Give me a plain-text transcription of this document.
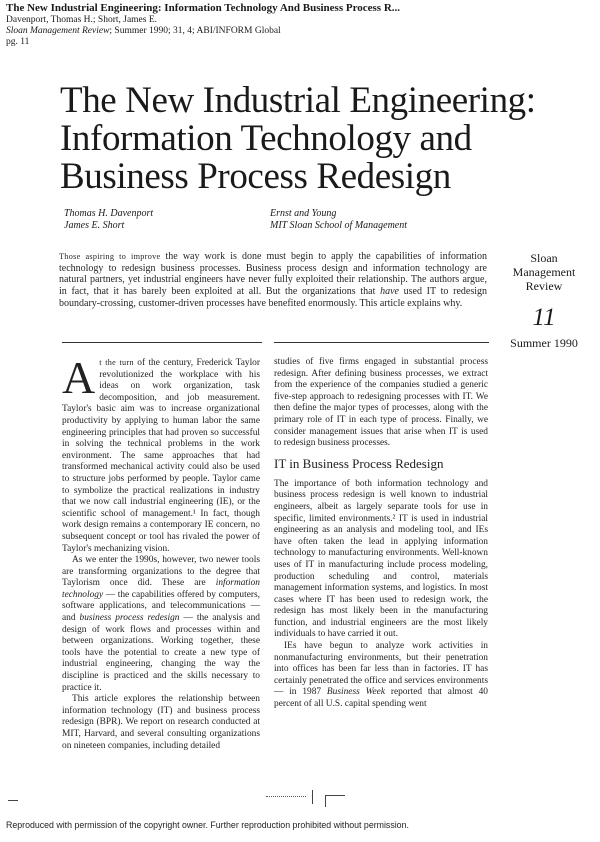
The New Industrial Engineering: Information Technology And Business Process R...
Davenport, Thomas H.; Short, James E.
Sloan Management Review; Summer 1990; 31, 4; ABI/INFORM Global
pg. 11
The New Industrial Engineering:
Information Technology and
Business Process Redesign
Thomas H. Davenport
James E. Short
Ernst and Young
MIT Sloan School of Management
Those aspiring to improve the way work is done must begin to apply the capabilities of information technology to redesign business processes. Business process design and information technology are natural partners, yet industrial engineers have never fully exploited their relationship. The authors argue, in fact, that it has barely been exploited at all. But the organizations that have used IT to redesign boundary-crossing, customer-driven processes have benefited enormously. This article explains why.
Sloan
Management
Review
11
Summer 1990

At the turn of the century, Frederick Taylor revolutionized the workplace with his ideas on work organization, task decomposition, and job measurement. Taylor's basic aim was to increase organizational productivity by applying to human labor the same engineering principles that had proven so successful in solving the technical problems in the work environment. The same approaches that had transformed mechanical activity could also be used to structure jobs performed by people. Taylor came to symbolize the practical realizations in industry that we now call industrial engineering (IE), or the scientific school of management.¹ In fact, though work design remains a contemporary IE concern, no subsequent concept or tool has rivaled the power of Taylor's mechanizing vision.

As we enter the 1990s, however, two newer tools are transforming organizations to the degree that Taylorism once did. These are information technology — the capabilities offered by computers, software applications, and telecommunications — and business process redesign — the analysis and design of work flows and processes within and between organizations. Working together, these tools have the potential to create a new type of industrial engineering, changing the way the discipline is practiced and the skills necessary to practice it.

This article explores the relationship between information technology (IT) and business process redesign (BPR). We report on research conducted at MIT, Harvard, and several consulting organizations on nineteen companies, including detailed

studies of five firms engaged in substantial process redesign. After defining business processes, we extract from the experience of the companies studied a generic five-step approach to redesigning processes with IT. We then define the major types of processes, along with the primary role of IT in each type of process. Finally, we consider management issues that arise when IT is used to redesign business processes.

IT in Business Process Redesign

The importance of both information technology and business process redesign is well known to industrial engineers, albeit as largely separate tools for use in specific, limited environments.² IT is used in industrial engineering as an analysis and modeling tool, and IEs have often taken the lead in applying information technology to manufacturing environments. Well-known uses of IT in manufacturing include process modeling, production scheduling and control, materials management information systems, and logistics. In most cases where IT has been used to redesign work, the redesign has most likely been in the manufacturing function, and industrial engineers are the most likely individuals to have carried it out.

IEs have begun to analyze work activities in nonmanufacturing environments, but their penetration into offices has been far less than in factories. IT has certainly penetrated the office and services environments — in 1987 Business Week reported that almost 40 percent of all U.S. capital spending went

Reproduced with permission of the copyright owner. Further reproduction prohibited without permission.
